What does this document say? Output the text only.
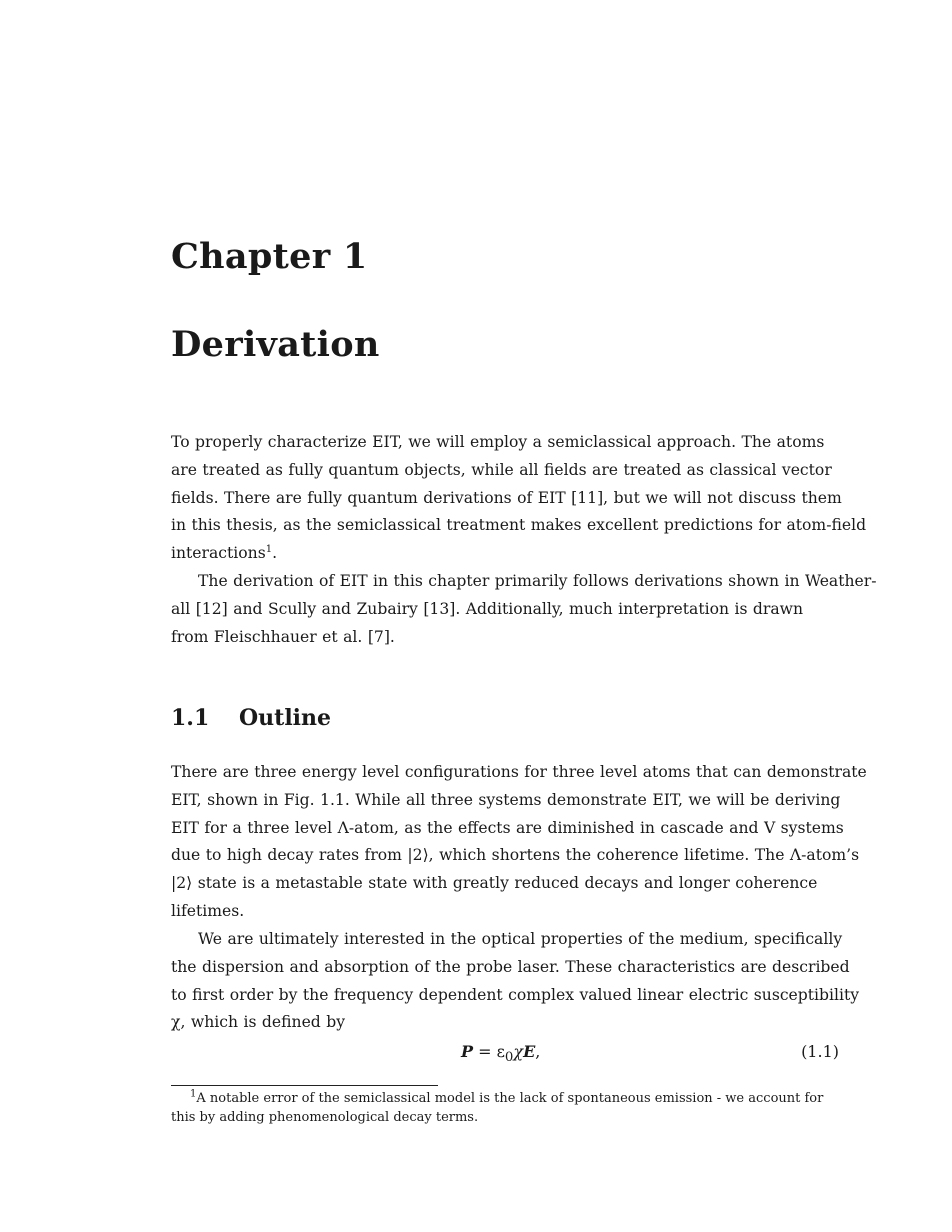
Chapter 1
Derivation
To properly characterize EIT, we will employ a semiclassical approach. The atoms
are treated as fully quantum objects, while all fields are treated as classical vector
fields. There are fully quantum derivations of EIT [11], but we will not discuss them
in this thesis, as the semiclassical treatment makes excellent predictions for atom-field
interactions$^1$.
The derivation of EIT in this chapter primarily follows derivations shown in Weather-
all [12] and Scully and Zubairy [13]. Additionally, much interpretation is drawn
from Fleischhauer et al. [7].
1.1 Outline
There are three energy level configurations for three level atoms that can demonstrate
EIT, shown in Fig. 1.1. While all three systems demonstrate EIT, we will be deriving
EIT for a three level Λ-atom, as the effects are diminished in cascade and V systems
due to high decay rates from |2⟩, which shortens the coherence lifetime. The Λ-atom’s
|2⟩ state is a metastable state with greatly reduced decays and longer coherence
lifetimes.
We are ultimately interested in the optical properties of the medium, specifically
the dispersion and absorption of the probe laser. These characteristics are described
to first order by the frequency dependent complex valued linear electric susceptibility
χ, which is defined by
$P = \varepsilon_0\chi E$,	(1.1)
$^1$A notable error of the semiclassical model is the lack of spontaneous emission - we account for
this by adding phenomenological decay terms.
